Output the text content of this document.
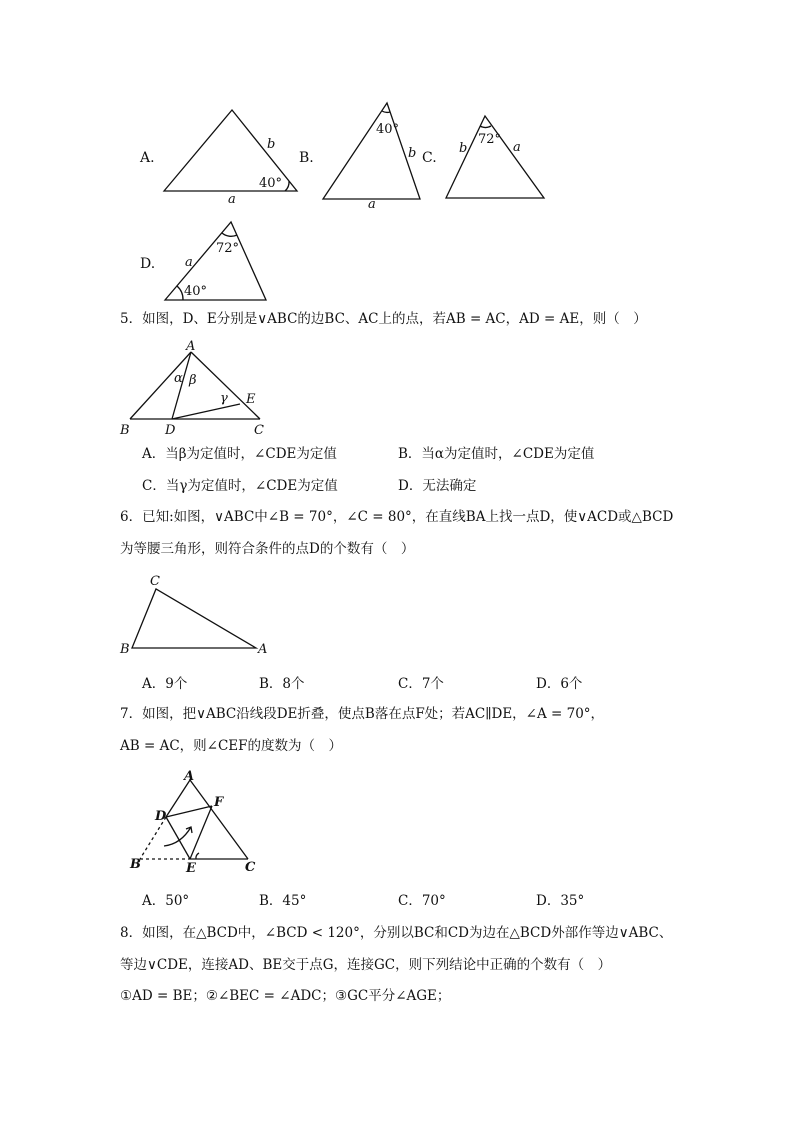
A.
b
a
40°
B.
40°
b
a
C.
72°
b	a
D.
72°
40°
a
5．如图，D、E分别是∨ABC的边BC、AC上的点，若AB = AC，AD = AE，则（　）
A
B	C
D
E
α β
γ
A．当β为定值时，∠CDE为定值	B．当α为定值时，∠CDE为定值
C．当γ为定值时，∠CDE为定值	D．无法确定
6．已知:如图，∨ABC中∠B = 70°，∠C = 80°，在直线BA上找一点D，使∨ACD或△BCD
为等腰三角形，则符合条件的点D的个数有（　）
C
B	A
A．9个	B．8个	C．7个	D．6个
7．如图，把∨ABC沿线段DE折叠，使点B落在点F处；若AC∥DE，∠A = 70°，
AB = AC，则∠CEF的度数为（　）
A
B	C
D
E
F
A．50°	B．45°	C．70°	D．35°
8．如图，在△BCD中，∠BCD < 120°，分别以BC和CD为边在△BCD外部作等边∨ABC、
等边∨CDE，连接AD、BE交于点G，连接GC，则下列结论中正确的个数有（　）
①AD = BE；②∠BEC = ∠ADC；③GC平分∠AGE；
